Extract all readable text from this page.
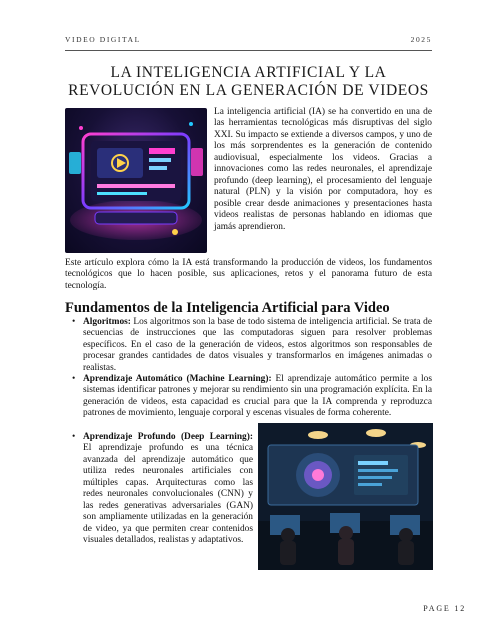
VIDEO DIGITAL	2025
LA INTELIGENCIA ARTIFICIAL Y LA
REVOLUCIÓN EN LA GENERACIÓN DE VIDEOS
La inteligencia artificial (IA) se ha convertido en una de las herramientas tecnológicas más disruptivas del siglo XXI. Su impacto se extiende a diversos campos, y uno de los más sorprendentes es la generación de contenido audiovisual, especialmente los videos. Gracias a innovaciones como las redes neuronales, el aprendizaje profundo (deep learning), el procesamiento del lenguaje natural (PLN) y la visión por computadora, hoy es posible crear desde animaciones y presentaciones hasta videos realistas de personas hablando en idiomas que jamás aprendieron.
Este artículo explora cómo la IA está transformando la producción de videos, los fundamentos tecnológicos que lo hacen posible, sus aplicaciones, retos y el panorama futuro de esta tecnología.
Fundamentos de la Inteligencia Artificial para Video
• Algoritmos: Los algoritmos son la base de todo sistema de inteligencia artificial. Se trata de secuencias de instrucciones que las computadoras siguen para resolver problemas específicos. En el caso de la generación de videos, estos algoritmos son responsables de procesar grandes cantidades de datos visuales y transformarlos en imágenes animadas o realistas.
• Aprendizaje Automático (Machine Learning): El aprendizaje automático permite a los sistemas identificar patrones y mejorar su rendimiento sin una programación explícita. En la generación de videos, esta capacidad es crucial para que la IA comprenda y reproduzca patrones de movimiento, lenguaje corporal y escenas visuales de forma coherente.
• Aprendizaje Profundo (Deep Learning): El aprendizaje profundo es una técnica avanzada del aprendizaje automático que utiliza redes neuronales artificiales con múltiples capas. Arquitecturas como las redes neuronales convolucionales (CNN) y las redes generativas adversariales (GAN) son ampliamente utilizadas en la generación de video, ya que permiten crear contenidos visuales detallados, realistas y adaptativos.
PAGE 12
